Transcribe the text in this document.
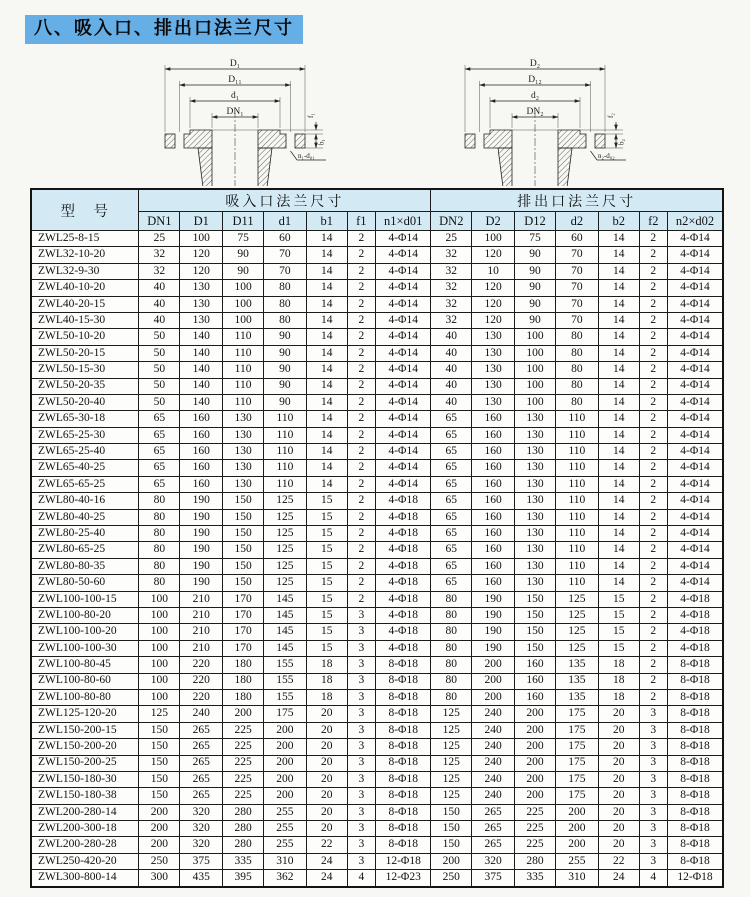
八、吸入口、排出口法兰尺寸
D₁
D₁₁
d₁
DN₁	f₁
b₁
n₁-d₀₁
D₂
D₁₂
d₂
DN₂	f₂
b₂
n₂-d₀₂
型　号	吸入口法兰尺寸							排出口法兰尺寸						
	DN1	D1	D11	d1	b1	f1	n1×d01	DN2	D2	D12	d2	b2	f2	n2×d02
ZWL25-8-15	25	100	75	60	14	2	4-Φ14	25	100	75	60	14	2	4-Φ14
ZWL32-10-20	32	120	90	70	14	2	4-Φ14	32	120	90	70	14	2	4-Φ14
ZWL32-9-30	32	120	90	70	14	2	4-Φ14	32	10	90	70	14	2	4-Φ14
ZWL40-10-20	40	130	100	80	14	2	4-Φ14	32	120	90	70	14	2	4-Φ14
ZWL40-20-15	40	130	100	80	14	2	4-Φ14	32	120	90	70	14	2	4-Φ14
ZWL40-15-30	40	130	100	80	14	2	4-Φ14	32	120	90	70	14	2	4-Φ14
ZWL50-10-20	50	140	110	90	14	2	4-Φ14	40	130	100	80	14	2	4-Φ14
ZWL50-20-15	50	140	110	90	14	2	4-Φ14	40	130	100	80	14	2	4-Φ14
ZWL50-15-30	50	140	110	90	14	2	4-Φ14	40	130	100	80	14	2	4-Φ14
ZWL50-20-35	50	140	110	90	14	2	4-Φ14	40	130	100	80	14	2	4-Φ14
ZWL50-20-40	50	140	110	90	14	2	4-Φ14	40	130	100	80	14	2	4-Φ14
ZWL65-30-18	65	160	130	110	14	2	4-Φ14	65	160	130	110	14	2	4-Φ14
ZWL65-25-30	65	160	130	110	14	2	4-Φ14	65	160	130	110	14	2	4-Φ14
ZWL65-25-40	65	160	130	110	14	2	4-Φ14	65	160	130	110	14	2	4-Φ14
ZWL65-40-25	65	160	130	110	14	2	4-Φ14	65	160	130	110	14	2	4-Φ14
ZWL65-65-25	65	160	130	110	14	2	4-Φ14	65	160	130	110	14	2	4-Φ14
ZWL80-40-16	80	190	150	125	15	2	4-Φ18	65	160	130	110	14	2	4-Φ14
ZWL80-40-25	80	190	150	125	15	2	4-Φ18	65	160	130	110	14	2	4-Φ14
ZWL80-25-40	80	190	150	125	15	2	4-Φ18	65	160	130	110	14	2	4-Φ14
ZWL80-65-25	80	190	150	125	15	2	4-Φ18	65	160	130	110	14	2	4-Φ14
ZWL80-80-35	80	190	150	125	15	2	4-Φ18	65	160	130	110	14	2	4-Φ14
ZWL80-50-60	80	190	150	125	15	2	4-Φ18	65	160	130	110	14	2	4-Φ14
ZWL100-100-15	100	210	170	145	15	2	4-Φ18	80	190	150	125	15	2	4-Φ18
ZWL100-80-20	100	210	170	145	15	3	4-Φ18	80	190	150	125	15	2	4-Φ18
ZWL100-100-20	100	210	170	145	15	3	4-Φ18	80	190	150	125	15	2	4-Φ18
ZWL100-100-30	100	210	170	145	15	3	4-Φ18	80	190	150	125	15	2	4-Φ18
ZWL100-80-45	100	220	180	155	18	3	8-Φ18	80	200	160	135	18	2	8-Φ18
ZWL100-80-60	100	220	180	155	18	3	8-Φ18	80	200	160	135	18	2	8-Φ18
ZWL100-80-80	100	220	180	155	18	3	8-Φ18	80	200	160	135	18	2	8-Φ18
ZWL125-120-20	125	240	200	175	20	3	8-Φ18	125	240	200	175	20	3	8-Φ18
ZWL150-200-15	150	265	225	200	20	3	8-Φ18	125	240	200	175	20	3	8-Φ18
ZWL150-200-20	150	265	225	200	20	3	8-Φ18	125	240	200	175	20	3	8-Φ18
ZWL150-200-25	150	265	225	200	20	3	8-Φ18	125	240	200	175	20	3	8-Φ18
ZWL150-180-30	150	265	225	200	20	3	8-Φ18	125	240	200	175	20	3	8-Φ18
ZWL150-180-38	150	265	225	200	20	3	8-Φ18	125	240	200	175	20	3	8-Φ18
ZWL200-280-14	200	320	280	255	20	3	8-Φ18	150	265	225	200	20	3	8-Φ18
ZWL200-300-18	200	320	280	255	20	3	8-Φ18	150	265	225	200	20	3	8-Φ18
ZWL200-280-28	200	320	280	255	22	3	8-Φ18	150	265	225	200	20	3	8-Φ18
ZWL250-420-20	250	375	335	310	24	3	12-Φ18	200	320	280	255	22	3	8-Φ18
ZWL300-800-14	300	435	395	362	24	4	12-Φ23	250	375	335	310	24	4	12-Φ18
